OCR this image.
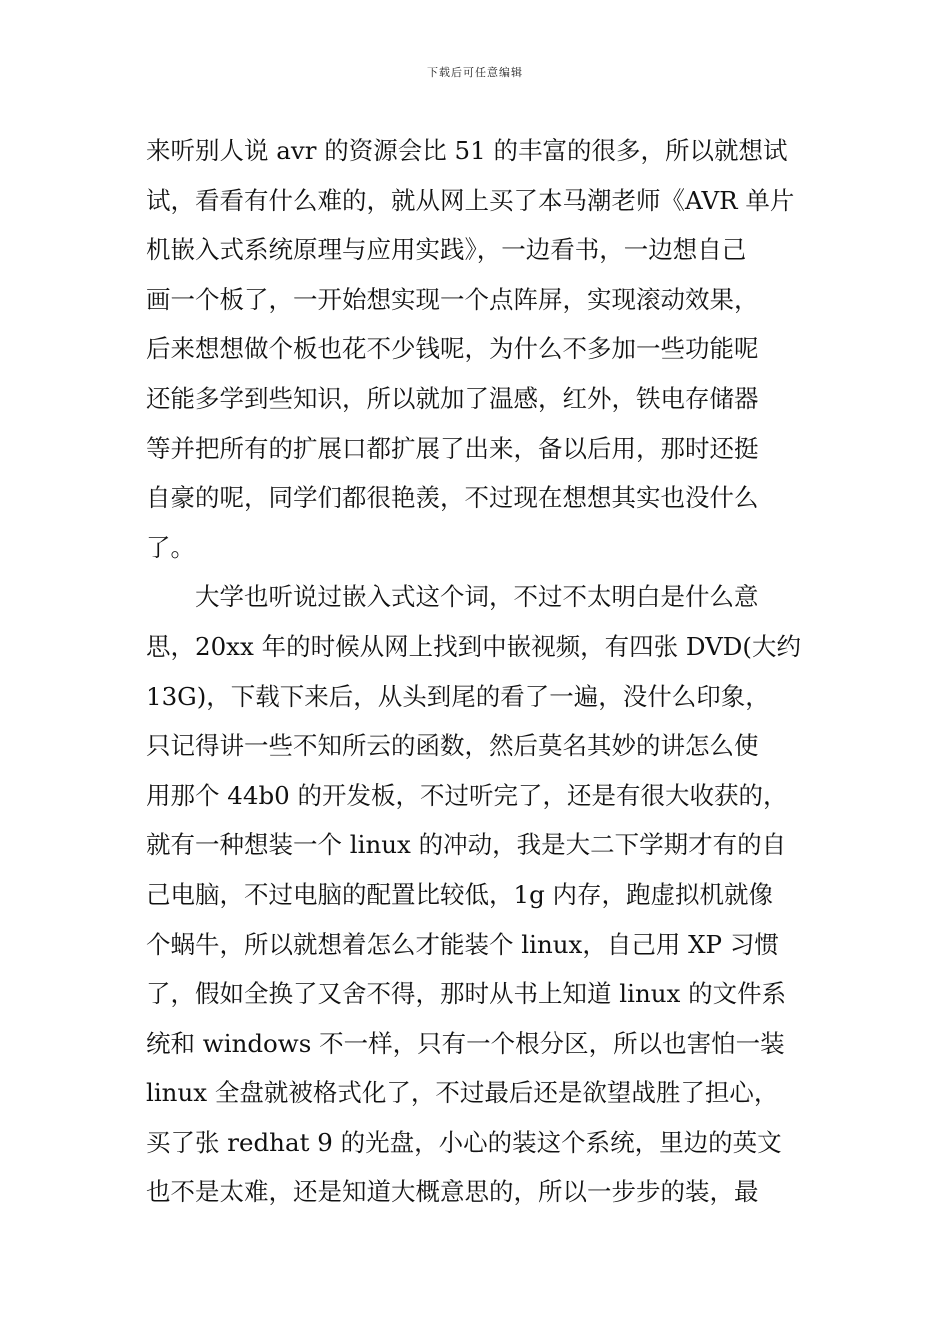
下载后可任意编辑
来听别人说 avr 的资源会比 51 的丰富的很多，所以就想试
试，看看有什么难的，就从网上买了本马潮老师《AVR 单片
机嵌入式系统原理与应用实践》，一边看书，一边想自己
画一个板了，一开始想实现一个点阵屏，实现滚动效果，
后来想想做个板也花不少钱呢，为什么不多加一些功能呢
还能多学到些知识，所以就加了温感，红外，铁电存储器
等并把所有的扩展口都扩展了出来，备以后用，那时还挺
自豪的呢，同学们都很艳羡，不过现在想想其实也没什么
了。
大学也听说过嵌入式这个词，不过不太明白是什么意
思，20xx 年的时候从网上找到中嵌视频，有四张 DVD(大约
13G)，下载下来后，从头到尾的看了一遍，没什么印象，
只记得讲一些不知所云的函数，然后莫名其妙的讲怎么使
用那个 44b0 的开发板，不过听完了，还是有很大收获的，
就有一种想装一个 linux 的冲动，我是大二下学期才有的自
己电脑，不过电脑的配置比较低，1g 内存，跑虚拟机就像
个蜗牛，所以就想着怎么才能装个 linux，自己用 XP 习惯
了，假如全换了又舍不得，那时从书上知道 linux 的文件系
统和 windows 不一样，只有一个根分区，所以也害怕一装
linux 全盘就被格式化了，不过最后还是欲望战胜了担心，
买了张 redhat 9 的光盘，小心的装这个系统，里边的英文
也不是太难，还是知道大概意思的，所以一步步的装，最
